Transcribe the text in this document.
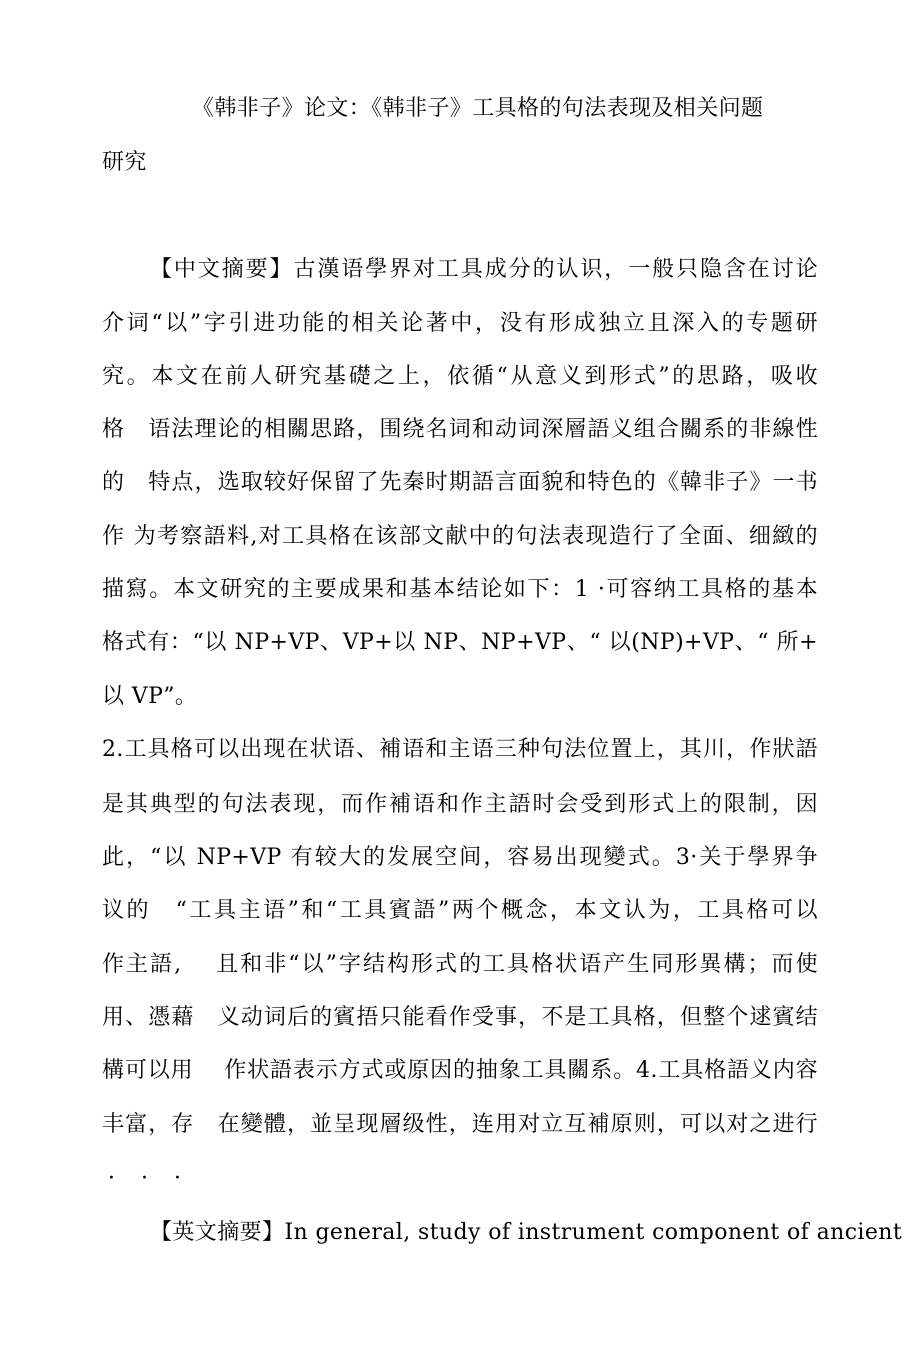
《韩非子》论文：《韩非子》工具格的句法表现及相关问题
研究
【中文摘要】古漢语學界对工具成分的认识，一般只隐含在讨论
介词“以”字引进功能的相关论著中，没有形成独立且深入的专题研
究。本文在前人研究基礎之上，依循“从意义到形式”的思路，吸收
格　语法理论的相關思路，围绕名词和动词深層語义组合關系的非線性
的　特点，选取较好保留了先秦时期語言面貌和特色的《韓非子》一书
作 为考察語料,对工具格在该部文献中的句法表现造行了全面、细緻的
描寫。本文研究的主要成果和基本结论如下：1 ·可容纳工具格的基本
格式有：“以 NP+VP、VP+以 NP、NP+VP、“ 以(NP)+VP、“ 所+
以 VP”。
2.工具格可以出现在状语、補语和主语三种句法位置上，其川，作狀語
是其典型的句法表现，而作補语和作主語时会受到形式上的限制，因
此，“以 NP+VP 有较大的发展空间，容易出现變式。3·关于學界争
议的　“工具主语”和“工具賓語”两个概念，本文认为，工具格可以
作主語,　 且和非“以”字结构形式的工具格状语产生同形異構；而使
用、憑藉　义动词后的賓捂只能看作受事，不是工具格，但整个逑賓结
構可以用　 作状語表示方式或原因的抽象工具關系。4.工具格語义内容
丰富，存　在變體，並呈现層级性，连用对立互補原则，可以对之进行
···
【英文摘要】In general, study of instrument component of ancient
